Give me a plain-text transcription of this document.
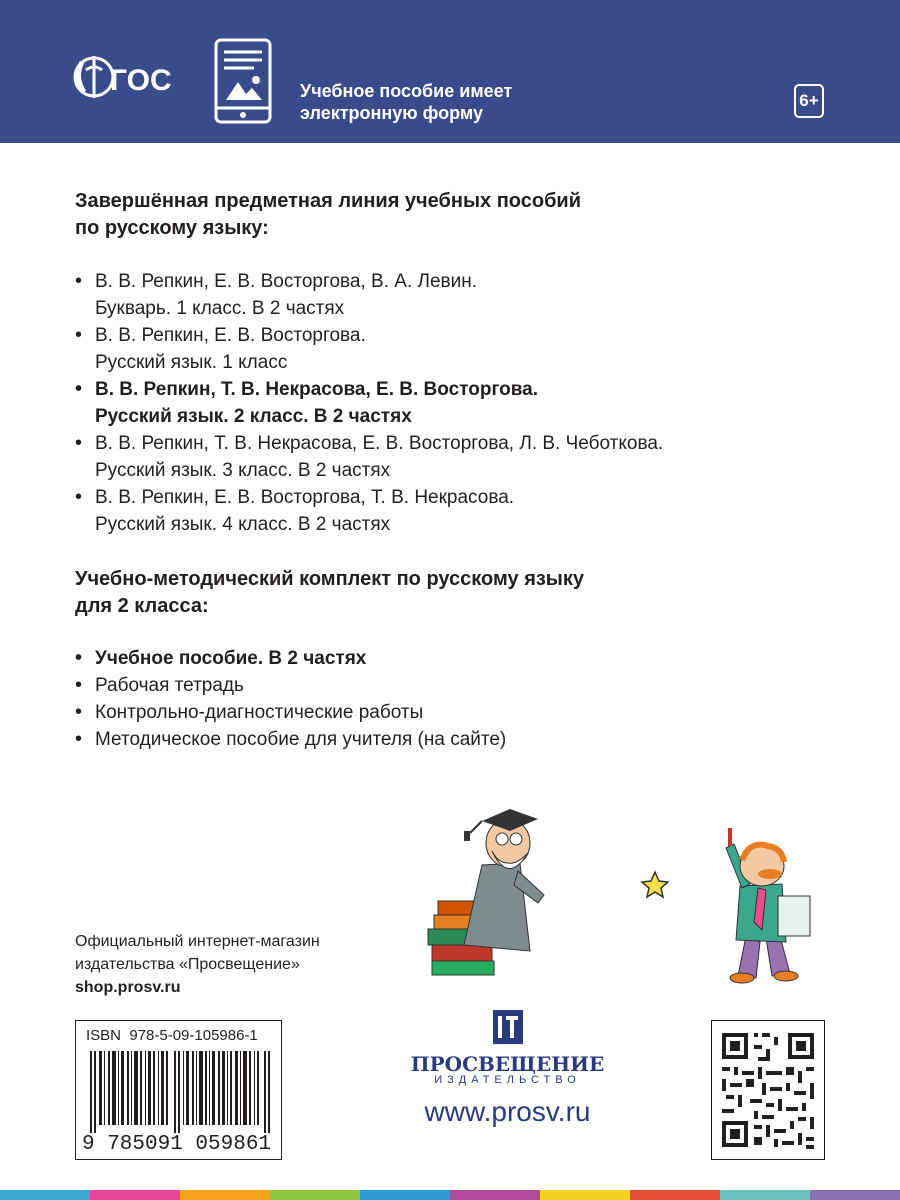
ГОС	Учебное пособие имеет
электронную форму
6+
Завершённая предметная линия учебных пособий
по русскому языку:
• В. В. Репкин, Е. В. Восторгова, В. А. Левин.
Букварь. 1 класс. В 2 частях
• В. В. Репкин, Е. В. Восторгова.
Русский язык. 1 класс
• В. В. Репкин, Т. В. Некрасова, Е. В. Восторгова.
Русский язык. 2 класс. В 2 частях
• В. В. Репкин, Т. В. Некрасова, Е. В. Восторгова, Л. В. Чеботкова.
Русский язык. 3 класс. В 2 частях
• В. В. Репкин, Е. В. Восторгова, Т. В. Некрасова.
Русский язык. 4 класс. В 2 частях
Учебно-методический комплект по русскому языку
для 2 класса:
• Учебное пособие. В 2 частях
• Рабочая тетрадь
• Контрольно-диагностические работы
• Методическое пособие для учителя (на сайте)
Официальный интернет-магазин
издательства «Просвещение»
shop.prosv.ru
ISBN  978-5-09-105986-1
9 785091 059861
ПРОСВЕЩЕНИЕ
ИЗДАТЕЛЬСТВО
www.prosv.ru
